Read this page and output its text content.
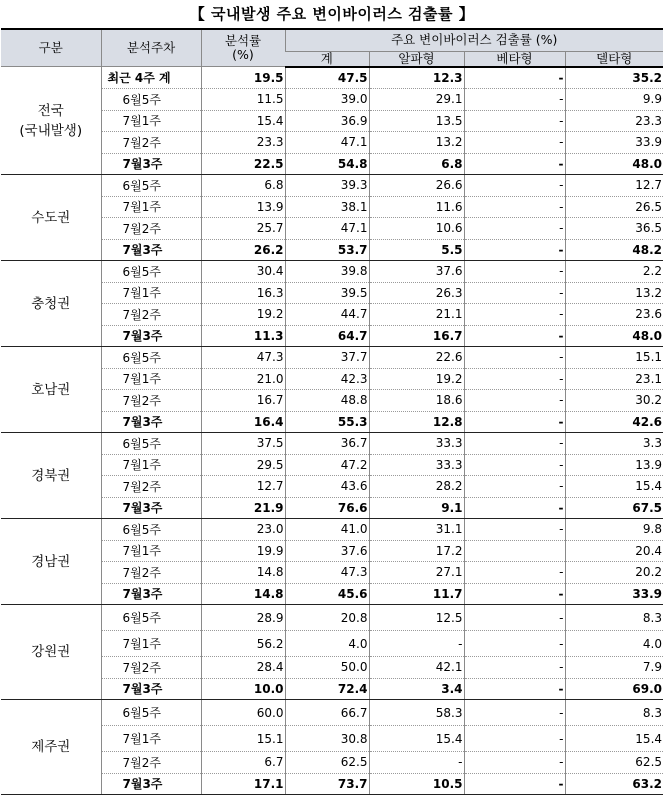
【 국내발생 주요 변이바이러스 검출률 】
구분	분석주차	분석률
(%)	주요 변이바이러스 검출률 (%)			
			계	알파형	베타형	델타형
전국
(국내발생)	최근 4주 계	19.5	47.5	12.3	-	35.2
	6월5주	11.5	39.0	29.1	-	9.9
	7월1주	15.4	36.9	13.5	-	23.3
	7월2주	23.3	47.1	13.2	-	33.9
	7월3주	22.5	54.8	6.8	-	48.0
수도권	6월5주	6.8	39.3	26.6	-	12.7
	7월1주	13.9	38.1	11.6	-	26.5
	7월2주	25.7	47.1	10.6	-	36.5
	7월3주	26.2	53.7	5.5	-	48.2
충청권	6월5주	30.4	39.8	37.6	-	2.2
	7월1주	16.3	39.5	26.3	-	13.2
	7월2주	19.2	44.7	21.1	-	23.6
	7월3주	11.3	64.7	16.7	-	48.0
호남권	6월5주	47.3	37.7	22.6	-	15.1
	7월1주	21.0	42.3	19.2	-	23.1
	7월2주	16.7	48.8	18.6	-	30.2
	7월3주	16.4	55.3	12.8	-	42.6
경북권	6월5주	37.5	36.7	33.3	-	3.3
	7월1주	29.5	47.2	33.3	-	13.9
	7월2주	12.7	43.6	28.2	-	15.4
	7월3주	21.9	76.6	9.1	-	67.5
경남권	6월5주	23.0	41.0	31.1	-	9.8
	7월1주	19.9	37.6	17.2		20.4
	7월2주	14.8	47.3	27.1	-	20.2
	7월3주	14.8	45.6	11.7	-	33.9
강원권	6월5주	28.9	20.8	12.5	-	8.3
	7월1주	56.2	4.0	-	-	4.0
	7월2주	28.4	50.0	42.1	-	7.9
	7월3주	10.0	72.4	3.4	-	69.0
제주권	6월5주	60.0	66.7	58.3	-	8.3
	7월1주	15.1	30.8	15.4	-	15.4
	7월2주	6.7	62.5	-	-	62.5
	7월3주	17.1	73.7	10.5	-	63.2
